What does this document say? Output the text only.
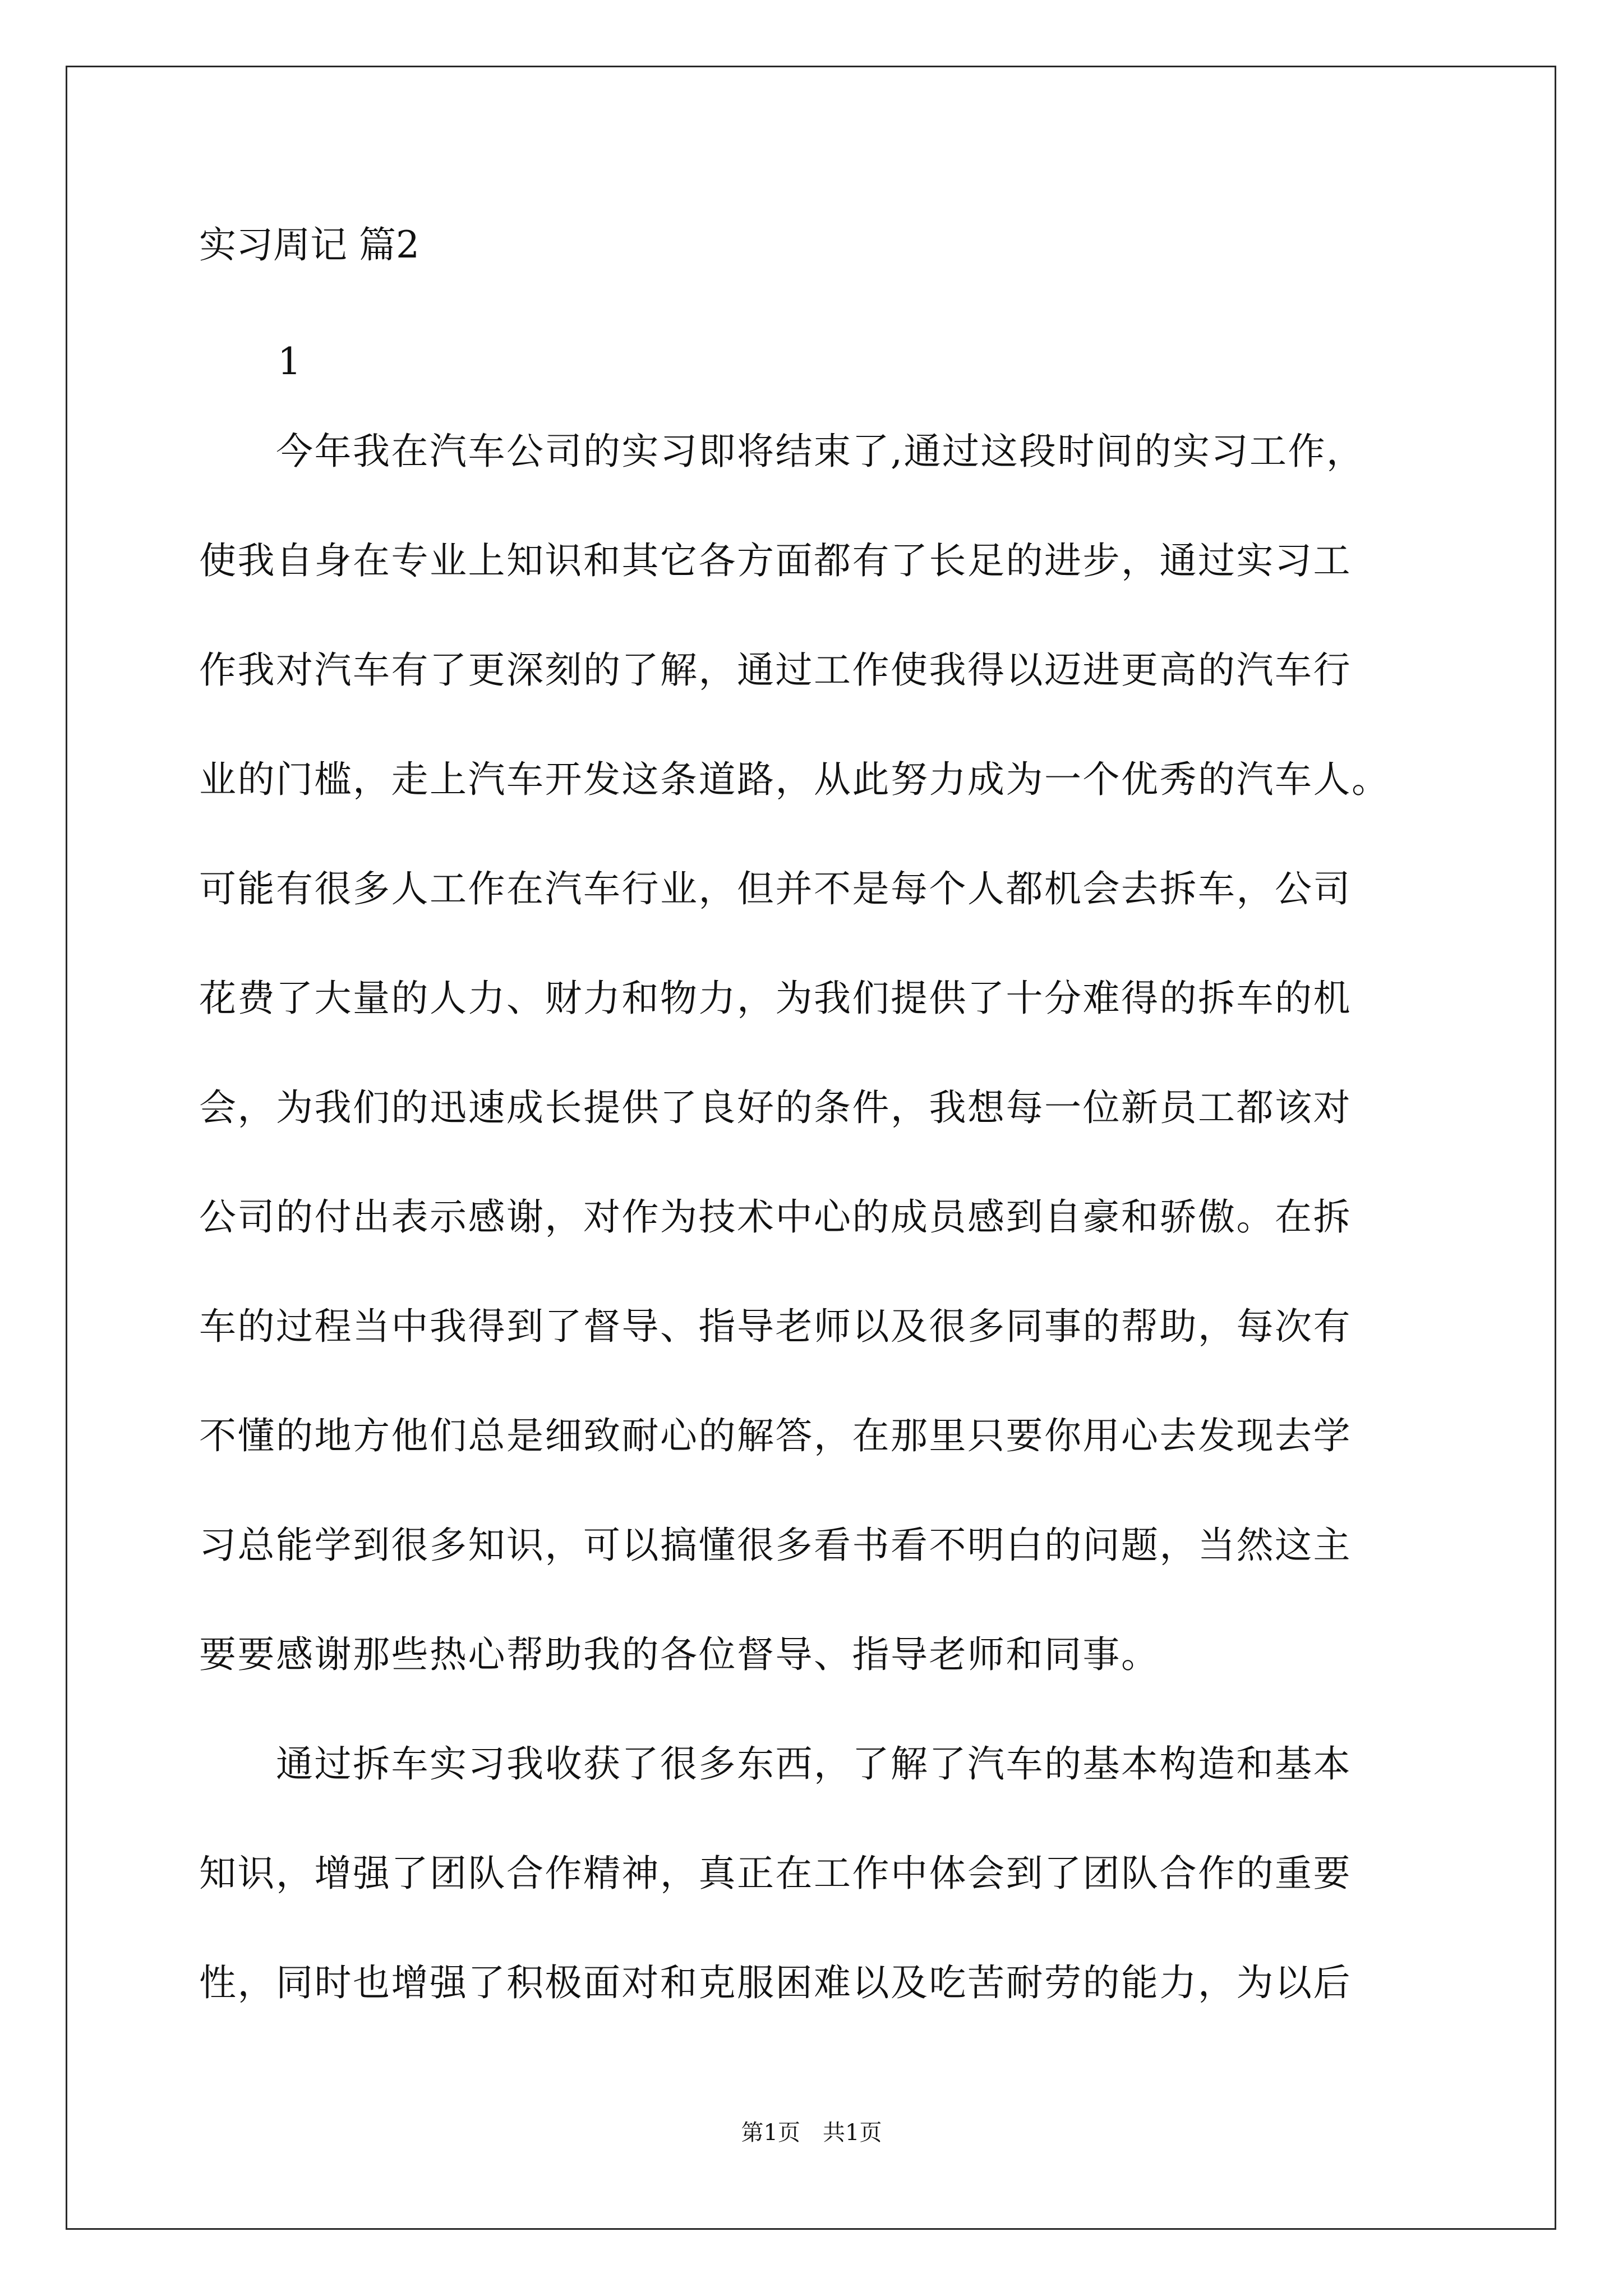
实习周记 篇2
1
　　今年我在汽车公司的实习即将结束了,通过这段时间的实习工作，
使我自身在专业上知识和其它各方面都有了长足的进步，通过实习工
作我对汽车有了更深刻的了解，通过工作使我得以迈进更高的汽车行
业的门槛，走上汽车开发这条道路，从此努力成为一个优秀的汽车人。
可能有很多人工作在汽车行业，但并不是每个人都机会去拆车，公司
花费了大量的人力、财力和物力，为我们提供了十分难得的拆车的机
会，为我们的迅速成长提供了良好的条件，我想每一位新员工都该对
公司的付出表示感谢，对作为技术中心的成员感到自豪和骄傲。在拆
车的过程当中我得到了督导、指导老师以及很多同事的帮助，每次有
不懂的地方他们总是细致耐心的解答，在那里只要你用心去发现去学
习总能学到很多知识，可以搞懂很多看书看不明白的问题，当然这主
要要感谢那些热心帮助我的各位督导、指导老师和同事。
　　通过拆车实习我收获了很多东西，了解了汽车的基本构造和基本
知识，增强了团队合作精神，真正在工作中体会到了团队合作的重要
性，同时也增强了积极面对和克服困难以及吃苦耐劳的能力，为以后
第1页　共1页
